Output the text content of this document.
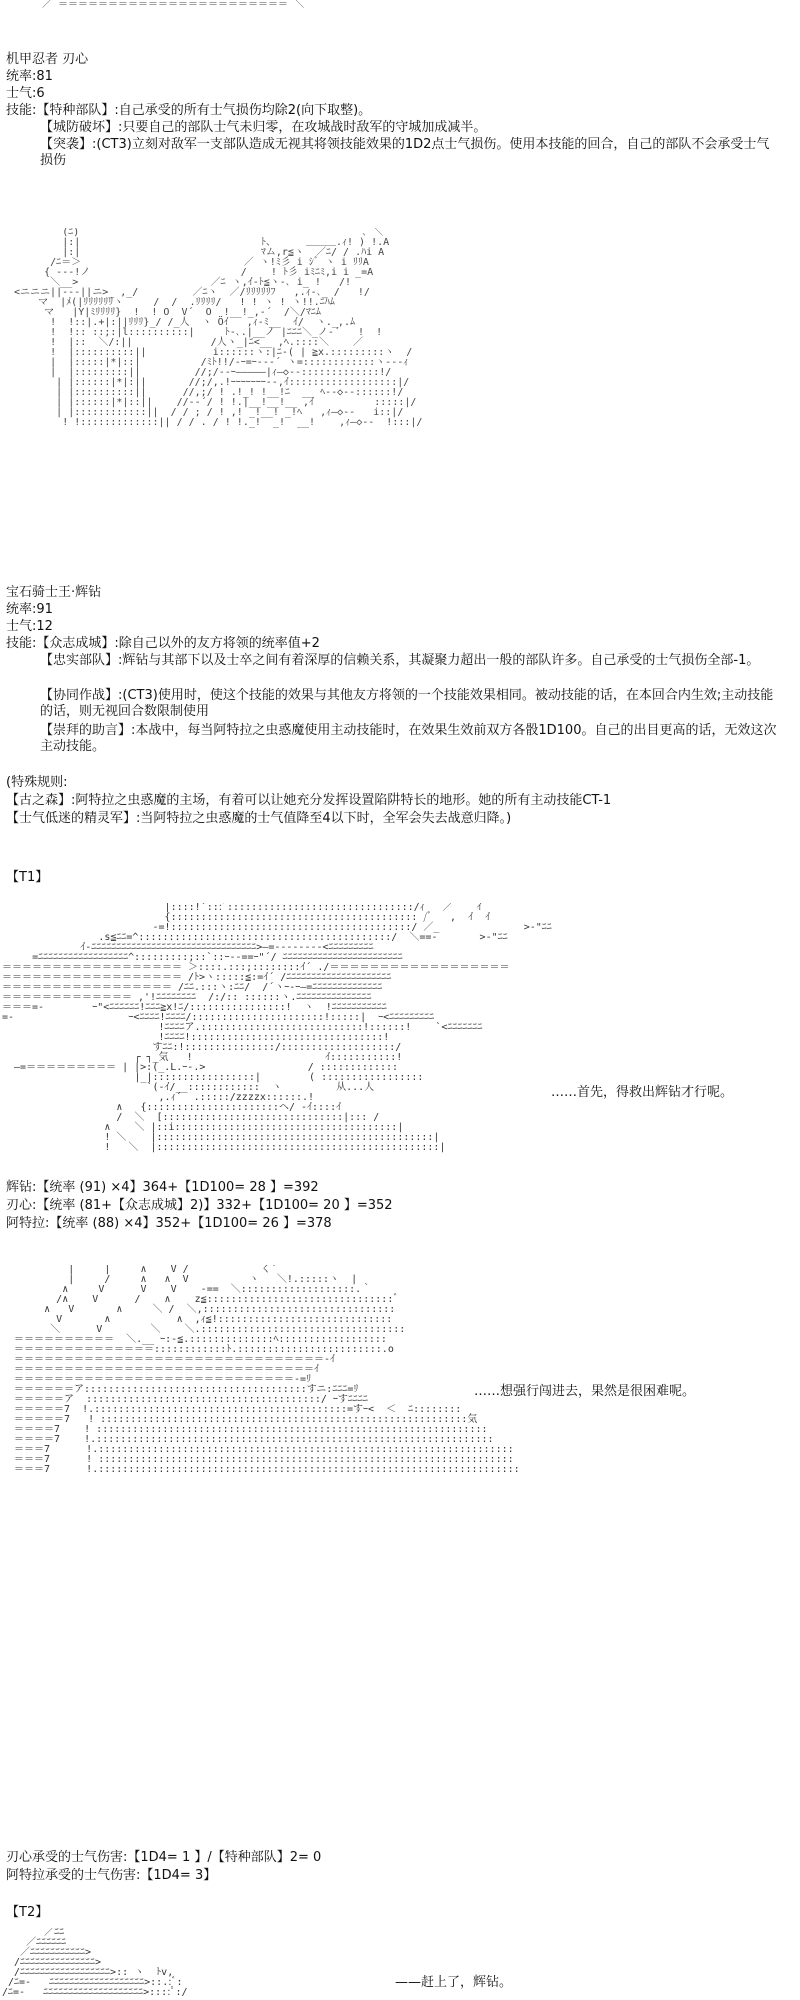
／ ＝＝＝＝＝＝＝＝＝＝＝＝＝＝＝＝＝＝＝＝＝＝＝ ＼
机甲忍者 刃心
统率:81
士气:6
技能:【特种部队】:自己承受的所有士气损伤均除2(向下取整)。
【城防破坏】:只要自己的部队士气未归零，在攻城战时敌军的守城加成减半。
【突袭】:(CT3)立刻对敌军一支部队造成无视其将领技能效果的1D2点士气损伤。使用本技能的回合，自己的部队不会承受士气损伤
(ﾆ)                                               ､ ＼
|:|                              ﾄ、     ＿＿＿.ｨ! ) !.A
|:|                              ﾏム,r≦ヽ  ／ﾆ/ / .ﾊi A
/ﾆ＝＞                           ／ ヽ!ﾐ彡 i ｼﾞ ヽ i ﾘﾘA
{ ---!ノ                         /    ! ﾄ彡 iﾐﾆﾐ,i i _=A
＼__>                      ／ﾆ ヽ,ｲ-ﾄ≦ヽ-､ i_ !   /!
<ニニニ||---||ニ>_ ,_/         ／ﾆヽ  ／/ﾘﾘﾘﾘﾘﾌ   ,.ｨ-､_ /   !/
マ  |ﾒ(|ﾘﾘﾘﾘﾘﾘヽ     /  /  .ﾘﾘﾘﾘ/   ! ! ヽ ! ヽ!!.ﾆﾊﾑ
マ   |Y|ﾐﾘﾘﾘﾘ}  !  ! O  V´  O  !__!_,-´  /＼/ﾏﾆﾑ
!  !::|.+|:||ﾘﾘﾘ}_/ /_人  ヽ Öｲ   ,ｨ-ﾐ__  ｲ/  ヽ._,.ﾑ
!  !:: ::;:|l::::::::::|     ﾄ-､.|__ノ |ﾆﾆﾆ＼_ノ-´   !  !
!  |::  ＼/:||             /人ヽ_|ﾆ<__ ,ﾍ.::::＼    ／
!  |::::::::::||           i::::::ヽ:|ﾆ-( | ≧x.:::::::::ヽ  /
|  |:::::|*|::|          /ﾐﾄ!!/-ｰ=ｰ---´ ヽ=::::::::::::ヽ---ｨ
|  |:::::::::||         //;/--ｰ―――――|ｨ―◇--:::::::::::::!/
| |::::::|*|:||       //;/,.!ｰｰｰｰｰｰｰ--,ｲ::::::::::::::::::|/
| |::::::::::||      //,;/ ! .!_! !__!ﾆ  __ ﾍ--◇--::::::!/
| |::::::|*|::||    //--´/ ! !.|__!__!__ ,ｲ          :::::|/
| |::::::::::::||  / / ; / ! ,! _!__! _!ﾍ   ,ｨ―◇--   i::|/
! !:::::::::::::|| / / . / ! !._!  _!  __!    ,ｨ―◇--  !:::|/
宝石骑士王·辉钻
统率:91
士气:12
技能:【众志成城】:除自己以外的友方将领的统率值+2
【忠实部队】:辉钻与其部下以及士卒之间有着深厚的信赖关系，其凝聚力超出一般的部队许多。自己承受的士气损伤全部-1。
【协同作战】:(CT3)使用时，使这个技能的效果与其他友方将领的一个技能效果相同。被动技能的话，在本回合内生效;主动技能的话，则无视回合数限制使用
【崇拜的助言】:本战中，每当阿特拉之虫惑魔使用主动技能时，在效果生效前双方各骰1D100。自己的出目更高的话，无效这次主动技能。
(特殊规则:
【古之森】:阿特拉之虫惑魔的主场，有着可以让她充分发挥设置陷阱特长的地形。她的所有主动技能CT-1
【士气低迷的精灵军】:当阿特拉之虫惑魔的士气值降至4以下时，全军会失去战意归降。)
【T1】
|::::!`:::ﾞ:::::::::::::::::::::::::::::::/ｨ   ／    ｲ
{::::::::::::::::::::::::::::::::::::::::: /ﾞ   ,  ｲ  ｲ
-=!::::::::::::::::::::::::::::::::::::::::/ ／_              >-"ﾆﾆ
.s≦ﾆﾆ=^::::::::::::::::::::::::::::::::::::::::::/  ＼==-       >-"ﾆﾆ
ｲ-ﾆﾆﾆﾆﾆﾆﾆﾆﾆﾆﾆﾆﾆﾆﾆﾆﾆﾆﾆﾆﾆﾆﾆﾆﾆﾆﾆﾆﾆﾆﾆﾆﾆ>―=--------<ﾆﾆﾆﾆﾆﾆﾆﾆﾆ
=ﾆﾆﾆﾆﾆﾆﾆﾆﾆﾆﾆﾆﾆﾆﾆﾆﾆﾆ^:::::::::;::`::ｰ--==ｰ"´/ ﾆﾆﾆﾆﾆﾆﾆﾆﾆﾆﾆﾆﾆﾆﾆﾆﾆﾆﾆﾆﾆﾆﾆﾆ
＝＝＝＝＝＝＝＝＝＝＝＝＝＝＝＝＝＝ ＞::::.:::;::::::::ｲ´ ./＝＝＝＝＝＝＝＝＝＝＝＝＝＝＝＝＝＝
＝＝＝＝＝＝＝＝＝＝＝＝＝＝＝＝＝＝ /ﾄ>ヽ:::::≦:=ｲ´ /ﾆﾆﾆﾆﾆﾆﾆﾆﾆﾆﾆﾆﾆﾆﾆﾆﾆﾆﾆﾆﾆ
＝＝＝＝＝＝＝＝＝＝＝＝＝＝＝＝＝ /ﾆﾆ.:::ヽ:ﾆﾆ/  /´ヽｰ-ｰ―=ﾆﾆﾆﾆﾆﾆﾆﾆﾆﾆﾆﾆﾆﾆ
＝＝＝＝＝＝＝＝＝＝＝＝＝ ,'!ﾆﾆﾆﾆﾆﾆﾆﾆ  /:/:: ::::::ヽ.ﾆﾆﾆﾆﾆﾆﾆﾆﾆﾆﾆﾆﾆﾆﾆ
＝＝＝=-        ｰ"<ﾆﾆﾆﾆﾆﾆ!ﾆﾆﾆ≧x!ﾆ/::::::::::::::::!  ヽ  !ﾆﾆﾆﾆﾆﾆﾆﾆﾆﾆﾆ
=-                   ｰ<ﾆﾆﾆﾆ!ﾆﾆﾆﾆ/::::::::::::::::::::::!:::::|  ｰ<ﾆﾆﾆﾆﾆﾆﾆﾆﾆ
!ﾆﾆﾆﾆア.:::::::::::::::::::::::::::!::::::!    `<ﾆﾆﾆﾆﾆﾆﾆ
!ﾆﾆﾆﾆ!::::::::::::::::::::::::::::::::!
すﾆﾆ:!:::::::::::::::/:::::::::::::::::::/
┌ ┐_気   !                      ｲ:::::::::::!
―=＝＝＝＝＝＝＝＝＝ | |>:(_.L.ｰ-.>                 / :::::::::::::
|_|:::::::::::::::::|        ( :::::::::::::::::
`(-ｲ/__::::::::::::  ヽ         从...人
,.ｨ´  .:::::/zzzzx::::::.!
∧   {::::::::::::::::::::::ヘ/ -ｲ::::ｲ
/  ＼  [::::::::::::::::::::::::::::::|::: /
∧    ＼ |::i:::::::::::::::::::::::::::::::::::::|
! ＼    |::::::::::::::::::::::::::::::::::::::::::::::|
!   ＼  |:::::::::::::::::::::::::::::::::::::::::::::::|
……首先，得救出辉钻才行呢。
辉钻:【统率 (91) ×4】364+【1D100= 28 】=392
刃心:【统率 (81+【众志成城】2)】332+【1D100= 20 】=352
阿特拉:【统率 (88) ×4】352+【1D100= 26 】=378
|     |     ∧    V /            く´
|     /     ∧   ∧  V          ヽ   ＼!.:::::ヽ  |
∧     V      V    V    -==  ＼:::::::::::::::::::.｀
/∧    V      /    ∧    z≦:::::::::::::::::::::::::::::::ﾞ
∧   V       ∧     ＼ /  ＼,::::::::::::::::::::::::::::::::
V       ∧           ∧  ,ｨ≦!:::::::::::::::::::::::::::::
＼      V        ＼    ＼.::::::::::::::::::::::::::::::::::
＝＝＝＝＝＝＝＝＝＝  ＼.__ ｰ:-≦.::::::::::::::ﾍ::::::::::::::::::
＝＝＝＝＝＝＝＝＝＝＝＝＝＝::::::::::::ﾄ.::::::::::::::::::::::::.o
＝＝＝＝＝＝＝＝＝＝＝＝＝＝＝＝＝＝＝＝＝＝＝＝＝＝＝＝＝＝＝-ｲ
＝＝＝＝＝＝＝＝＝＝＝＝＝＝＝＝＝＝＝＝＝＝＝＝＝＝＝＝＝＝ｲ
＝＝＝＝＝＝＝＝＝＝＝＝＝＝＝＝＝＝＝＝＝＝＝＝＝＝＝＝-=ﾘ
＝＝＝＝＝＝ア:::::::::::::::::::::::::::::::::::::すニ:ﾆﾆﾆ=ﾘ
＝＝＝＝＝ア  :::::::::::::::::::::::::::::::::::::::/ ｰすﾆﾆﾆﾆ
＝＝＝＝＝7  !.::::::::::::::::::::::::::::::::::::::::::=すｰ<  ＜  ﾆ::::::::
＝＝＝＝＝7   ! :::::::::::::::::::::::::::::::::::::::::::::::::::::::::::::気
＝＝＝＝7    ! :::::::::::::::::::::::::::::::::::::::::::::::::::::::::::::::::
＝＝＝＝7    !.::::::::::::::::::::::::::::::::::::::::::::::::::::::::::::::::::
＝＝＝7      !.:::::::::::::::::::::::::::::::::::::::::::::::::::::::::::::::::::::
＝＝＝7      ! :::::::::::::::::::::::::::::::::::::::::::::::::::::::::::::::::::::
＝＝＝7      !.::::::::::::::::::::::::::::::::::::::::::::::::::::::::::::::::::::::
……想强行闯进去，果然是很困难呢。
刃心承受的士气伤害:【1D4= 1 】/【特种部队】2= 0
阿特拉承受的士气伤害:【1D4= 3】
【T2】
／ﾆﾆ
／ﾆﾆﾆﾆﾆﾆ
／ﾆﾆﾆﾆﾆﾆﾆﾆﾆﾆﾆ>
/ﾆﾆﾆﾆﾆﾆﾆﾆﾆﾆﾆﾆﾆﾆﾆ>
/ﾆﾆﾆﾆﾆﾆﾆﾆﾆﾆﾆﾆﾆﾆﾆﾆﾆﾆ>:: ヽ  ﾄv,
/ﾆ=-   ﾆﾆﾆﾆﾆﾆﾆﾆﾆﾆﾆﾆﾆﾆﾆﾆﾆﾆﾆ>::.:ﾞ:
/ﾆ=-   ﾆﾆﾆﾆﾆﾆﾆﾆﾆﾆﾆﾆﾆﾆﾆﾆﾆﾆﾆﾆ>::::ﾟ:/
——赶上了，辉钻。
